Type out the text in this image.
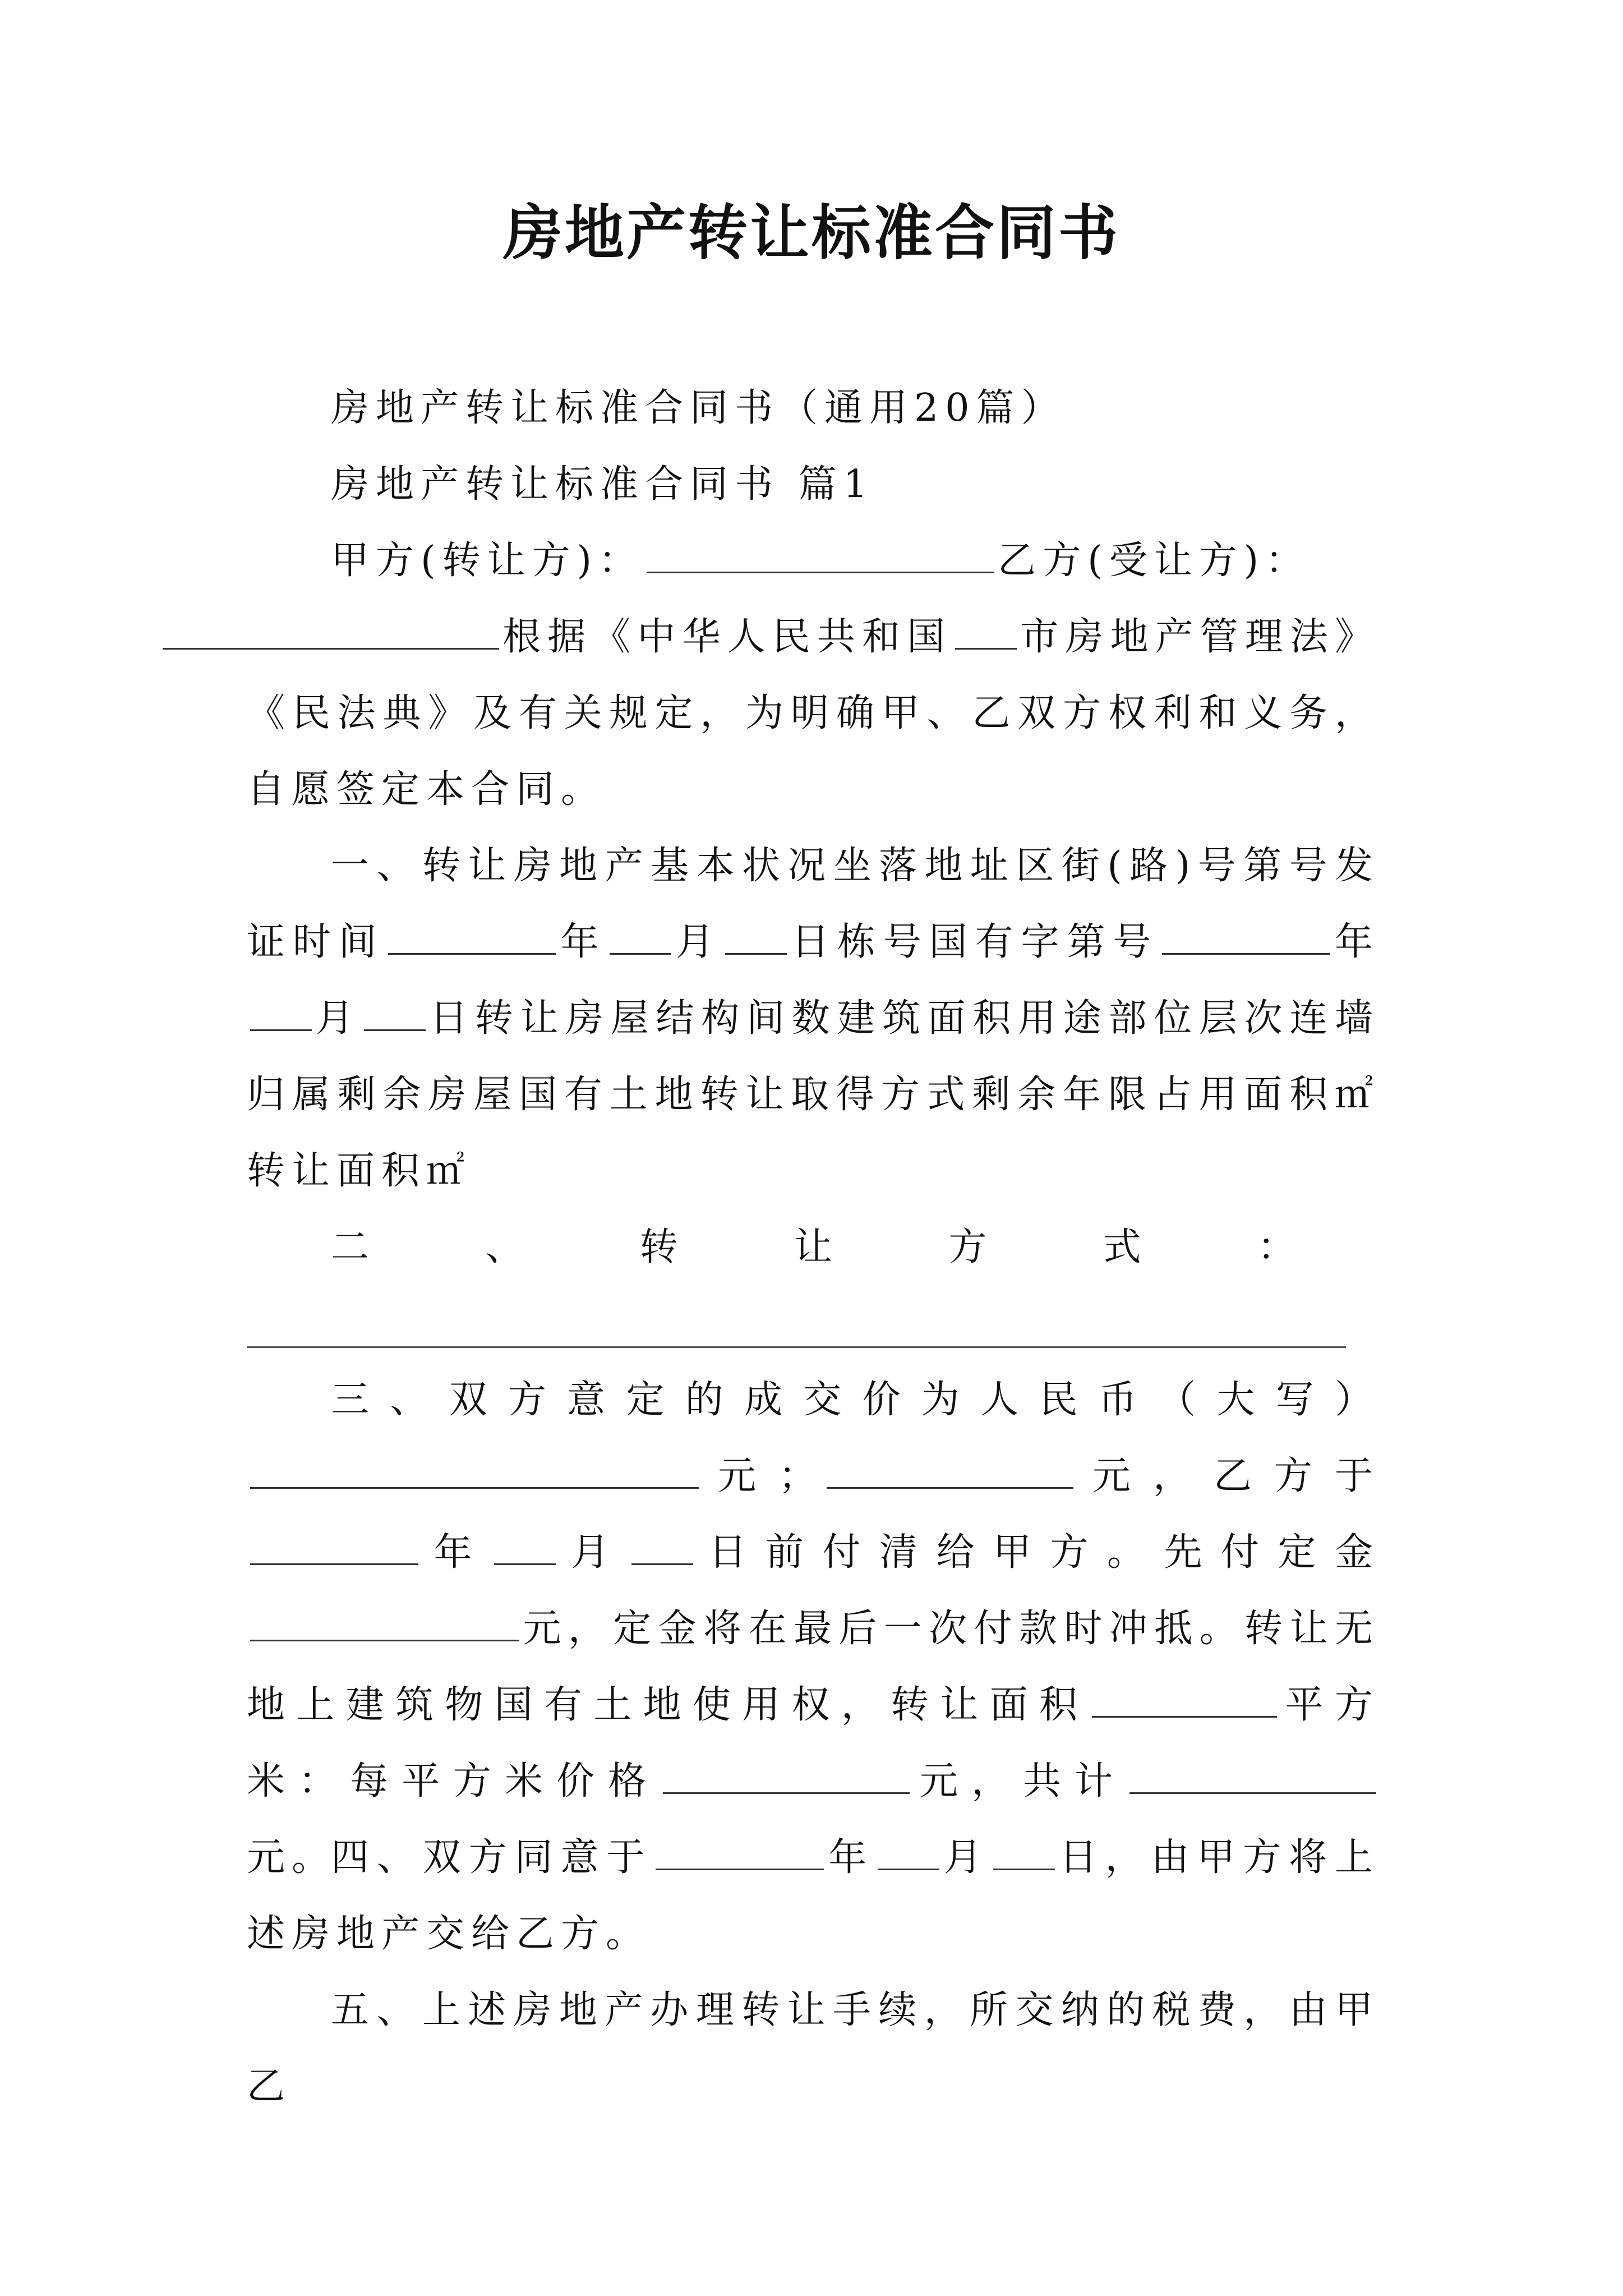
房地产转让标准合同书
房地产转让标准合同书（通用20篇）
房地产转让标准合同书 篇1
甲方(转让方)：	乙方(受让方)：
根据《中华人民共和国 市房地产管理法》《民法典》及有关规定，为明确甲、乙双方权利和义务，自愿签定本合同。
一、转让房地产基本状况坐落地址区街(路)号第号发证时间	年 月 日栋号国有字第号	年月 日转让房屋结构间数建筑面积用途部位层次连墙归属剩余房屋国有土地转让取得方式剩余年限占用面积㎡转让面积㎡
二、转让方式：
三、双方意定的成交价为人民币（大写）元；	元，乙方于年 月 日前付清给甲方。先付定金元，定金将在最后一次付款时冲抵。转让无地上建筑物国有土地使用权，转让面积	平方米：每平方米价格	元，共计元。
四、双方同意于	年 月 日，由甲方将上述房地产交给乙方。
五、上述房地产办理转让手续，所交纳的税费，由甲乙
